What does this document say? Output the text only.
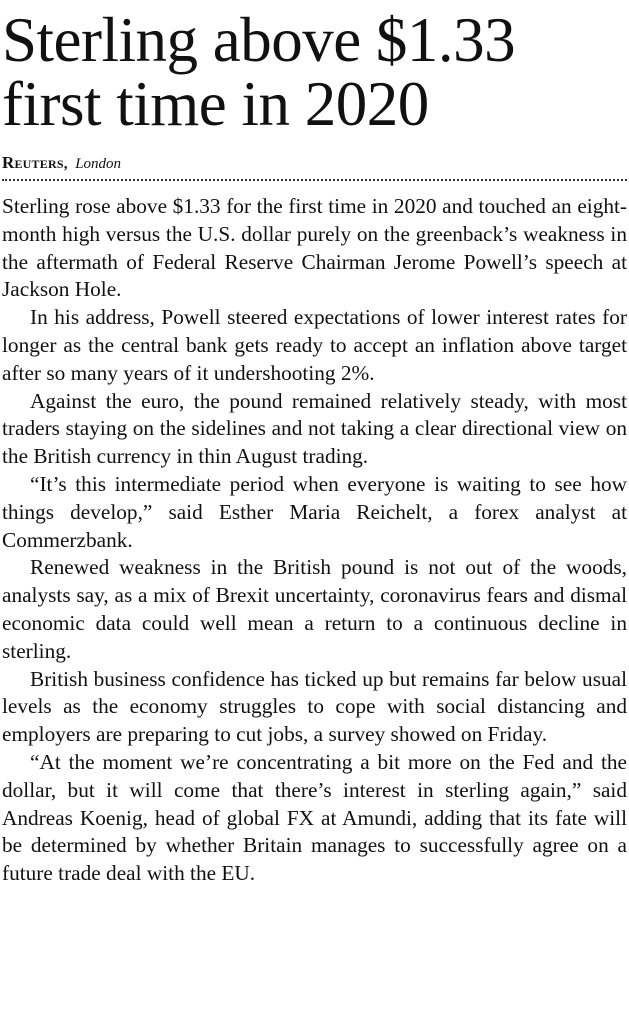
Sterling above $1.33
first time in 2020
Reuters, London

Sterling rose above $1.33 for the first time in 2020 and touched an eight-month high versus the U.S. dollar purely on the greenback’s weakness in the aftermath of Federal Reserve Chairman Jerome Powell’s speech at Jackson Hole.

In his address, Powell steered expectations of lower interest rates for longer as the central bank gets ready to accept an inflation above target after so many years of it undershooting 2%.

Against the euro, the pound remained relatively steady, with most traders staying on the sidelines and not taking a clear directional view on the British currency in thin August trading.

“It’s this intermediate period when everyone is waiting to see how things develop,” said Esther Maria Reichelt, a forex analyst at Commerzbank.

Renewed weakness in the British pound is not out of the woods, analysts say, as a mix of Brexit uncertainty, coronavirus fears and dismal economic data could well mean a return to a continuous decline in sterling.

British business confidence has ticked up but remains far below usual levels as the economy struggles to cope with social distancing and employers are preparing to cut jobs, a survey showed on Friday.

“At the moment we’re concentrating a bit more on the Fed and the dollar, but it will come that there’s interest in sterling again,” said Andreas Koenig, head of global FX at Amundi, adding that its fate will be determined by whether Britain manages to successfully agree on a future trade deal with the EU.
